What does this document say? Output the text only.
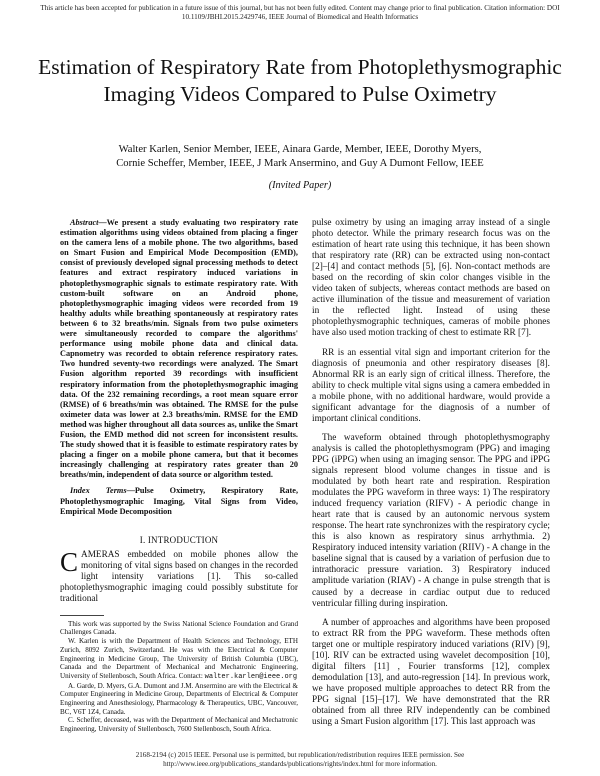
This article has been accepted for publication in a future issue of this journal, but has not been fully edited. Content may change prior to final publication. Citation information: DOI
10.1109/JBHI.2015.2429746, IEEE Journal of Biomedical and Health Informatics
Estimation of Respiratory Rate from Photoplethysmographic Imaging Videos Compared to Pulse Oximetry
Walter Karlen, Senior Member, IEEE, Ainara Garde, Member, IEEE, Dorothy Myers,
Cornie Scheffer, Member, IEEE, J Mark Ansermino, and Guy A Dumont Fellow, IEEE
(Invited Paper)

Abstract—We present a study evaluating two respiratory rate estimation algorithms using videos obtained from placing a finger on the camera lens of a mobile phone. The two algorithms, based on Smart Fusion and Empirical Mode Decomposition (EMD), consist of previously developed signal processing methods to detect features and extract respiratory induced variations in photoplethysmographic signals to estimate respiratory rate. With custom-built software on an Android phone, photoplethysmographic imaging videos were recorded from 19 healthy adults while breathing spontaneously at respiratory rates between 6 to 32 breaths/min. Signals from two pulse oximeters were simultaneously recorded to compare the algorithms' performance using mobile phone data and clinical data. Capnometry was recorded to obtain reference respiratory rates. Two hundred seventy-two recordings were analyzed. The Smart Fusion algorithm reported 39 recordings with insufficient respiratory information from the photoplethysmographic imaging data. Of the 232 remaining recordings, a root mean square error (RMSE) of 6 breaths/min was obtained. The RMSE for the pulse oximeter data was lower at 2.3 breaths/min. RMSE for the EMD method was higher throughout all data sources as, unlike the Smart Fusion, the EMD method did not screen for inconsistent results. The study showed that it is feasible to estimate respiratory rates by placing a finger on a mobile phone camera, but that it becomes increasingly challenging at respiratory rates greater than 20 breaths/min, independent of data source or algorithm tested.

Index Terms—Pulse Oximetry, Respiratory Rate, Photoplethysmographic Imaging, Vital Signs from Video, Empirical Mode Decomposition

I. INTRODUCTION

CAMERAS embedded on mobile phones allow the monitoring of vital signs based on changes in the recorded light intensity variations [1]. This so-called photoplethysmographic imaging could possibly substitute for traditional

This work was supported by the Swiss National Science Foundation and Grand Challenges Canada.

W. Karlen is with the Department of Health Sciences and Technology, ETH Zurich, 8092 Zurich, Switzerland. He was with the Electrical & Computer Engineering in Medicine Group, The University of British Columbia (UBC), Canada and the Department of Mechanical and Mechatronic Engineering, University of Stellenbosch, South Africa. Contact: walter.karlen@ieee.org

A. Garde, D. Myers, G.A. Dumont and J.M. Ansermino are with the Electrical & Computer Engineering in Medicine Group, Departments of Electrical & Computer Engineering and Anesthesiology, Pharmacology & Therapeutics, UBC, Vancouver, BC, V6T 1Z4, Canada.

C. Scheffer, deceased, was with the Department of Mechanical and Mechatronic Engineering, University of Stellenbosch, 7600 Stellenbosch, South Africa.

pulse oximetry by using an imaging array instead of a single photo detector. While the primary research focus was on the estimation of heart rate using this technique, it has been shown that respiratory rate (RR) can be extracted using non-contact [2]–[4] and contact methods [5], [6]. Non-contact methods are based on the recording of skin color changes visible in the video taken of subjects, whereas contact methods are based on active illumination of the tissue and measurement of variation in the reflected light. Instead of using these photoplethysmographic techniques, cameras of mobile phones have also used motion tracking of chest to estimate RR [7].

RR is an essential vital sign and important criterion for the diagnosis of pneumonia and other respiratory diseases [8]. Abnormal RR is an early sign of critical illness. Therefore, the ability to check multiple vital signs using a camera embedded in a mobile phone, with no additional hardware, would provide a significant advantage for the diagnosis of a number of important clinical conditions.

The waveform obtained through photoplethysmography analysis is called the photoplethysmogram (PPG) and imaging PPG (iPPG) when using an imaging sensor. The PPG and iPPG signals represent blood volume changes in tissue and is modulated by both heart rate and respiration. Respiration modulates the PPG waveform in three ways: 1) The respiratory induced frequency variation (RIFV) - A periodic change in heart rate that is caused by an autonomic nervous system response. The heart rate synchronizes with the respiratory cycle; this is also known as respiratory sinus arrhythmia. 2) Respiratory induced intensity variation (RIIV) - A change in the baseline signal that is caused by a variation of perfusion due to intrathoracic pressure variation. 3) Respiratory induced amplitude variation (RIAV) - A change in pulse strength that is caused by a decrease in cardiac output due to reduced ventricular filling during inspiration.

A number of approaches and algorithms have been proposed to extract RR from the PPG waveform. These methods often target one or multiple respiratory induced variations (RIV) [9], [10]. RIV can be extracted using wavelet decomposition [10], digital filters [11] , Fourier transforms [12], complex demodulation [13], and auto-regression [14]. In previous work, we have proposed multiple approaches to detect RR from the PPG signal [15]–[17]. We have demonstrated that the RR obtained from all three RIV independently can be combined using a Smart Fusion algorithm [17]. This last approach was

2168-2194 (c) 2015 IEEE. Personal use is permitted, but republication/redistribution requires IEEE permission. See
http://www.ieee.org/publications_standards/publications/rights/index.html for more information.
